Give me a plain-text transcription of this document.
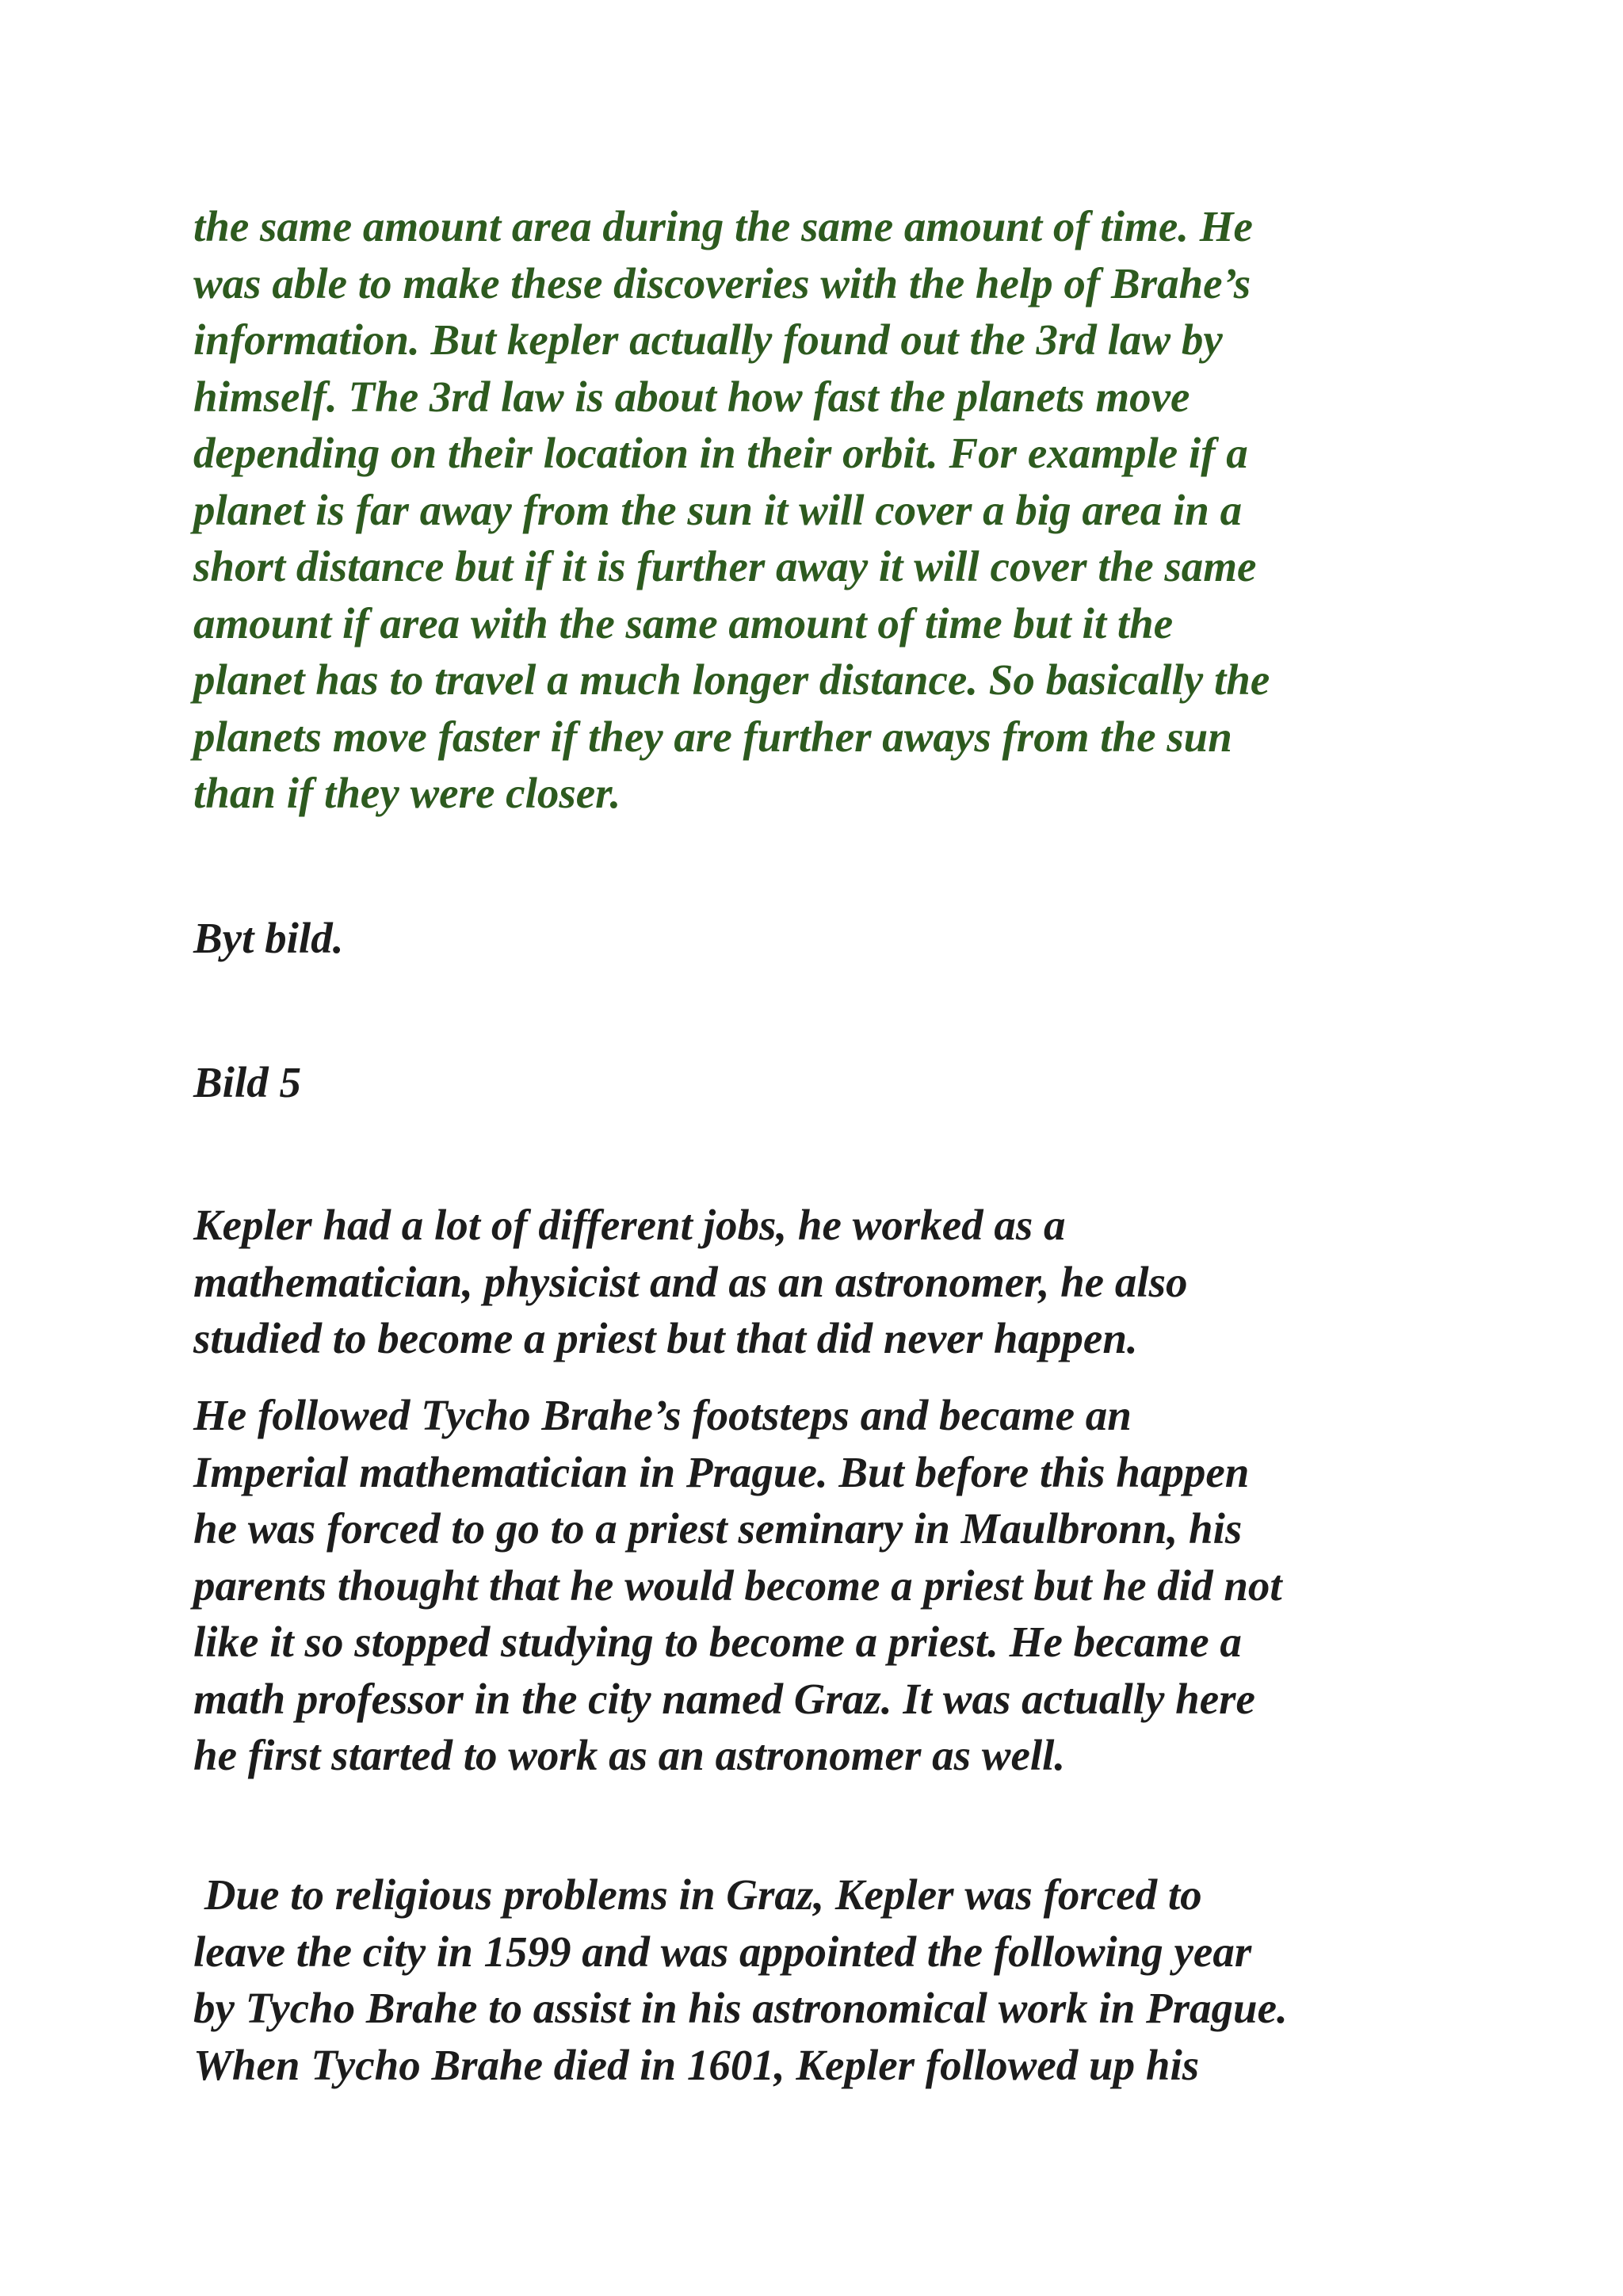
the same amount area during the same amount of time. He
was able to make these discoveries with the help of Brahe’s
information. But kepler actually found out the 3rd law by
himself. The 3rd law is about how fast the planets move
depending on their location in their orbit. For example if a
planet is far away from the sun it will cover a big area in a
short distance but if it is further away it will cover the same
amount if area with the same amount of time but it the
planet has to travel a much longer distance. So basically the
planets move faster if they are further aways from the sun
than if they were closer.
Byt bild.
Bild 5
Kepler had a lot of different jobs, he worked as a
mathematician, physicist and as an astronomer, he also
studied to become a priest but that did never happen.
He followed Tycho Brahe’s footsteps and became an
Imperial mathematician in Prague. But before this happen
he was forced to go to a priest seminary in Maulbronn, his
parents thought that he would become a priest but he did not
like it so stopped studying to become a priest. He became a
math professor in the city named Graz. It was actually here
he first started to work as an astronomer as well.
Due to religious problems in Graz, Kepler was forced to
leave the city in 1599 and was appointed the following year
by Tycho Brahe to assist in his astronomical work in Prague.
When Tycho Brahe died in 1601, Kepler followed up his
